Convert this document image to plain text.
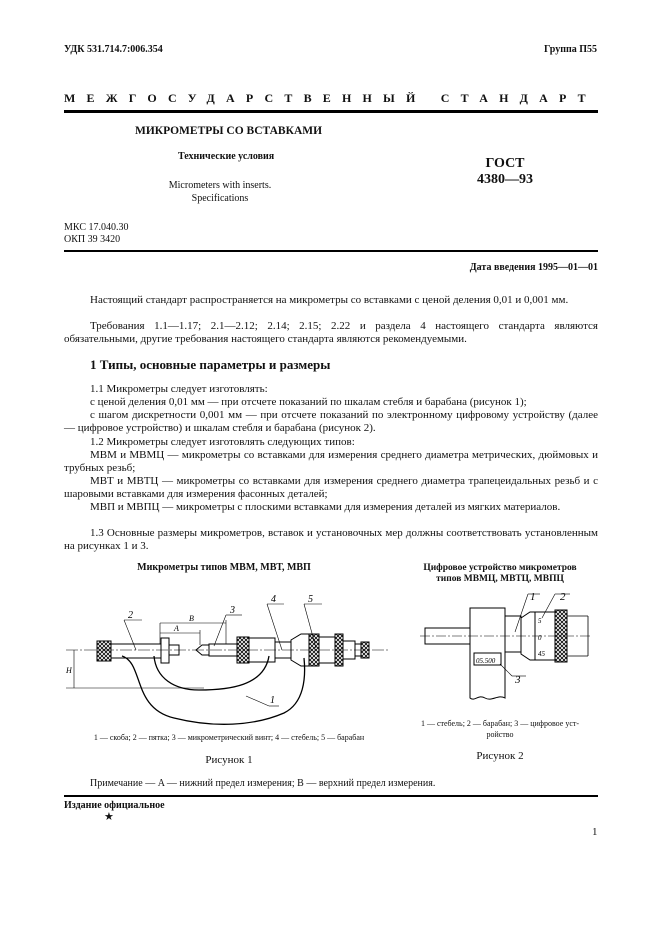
УДК 531.714.7:006.354	Группа П55
МЕЖГОСУДАРСТВЕННЫЙ СТАНДАРТ
МИКРОМЕТРЫ СО ВСТАВКАМИ
Технические условия
Micrometers with inserts.
Specifications
ГОСТ
4380—93
МКС 17.040.30
ОКП 39 3420
Дата введения 1995—01—01
Настоящий стандарт распространяется на микрометры со вставками с ценой деления 0,01 и 0,001 мм.
Требования 1.1—1.17; 2.1—2.12; 2.14; 2.15; 2.22 и раздела 4 настоящего стандарта являются обязательными, другие требования настоящего стандарта являются рекомендуемыми.
1 Типы, основные параметры и размеры
1.1 Микрометры следует изготовлять:
с ценой деления 0,01 мм — при отсчете показаний по шкалам стебля и барабана (рисунок 1);
с шагом дискретности 0,001 мм — при отсчете показаний по электронному цифровому устройству (далее — цифровое устройство) и шкалам стебля и барабана (рисунок 2).
1.2 Микрометры следует изготовлять следующих типов:
МВМ и МВМЦ — микрометры со вставками для измерения среднего диаметра метрических, дюймовых и трубных резьб;
МВТ и МВТЦ — микрометры со вставками для измерения среднего диаметра трапецеидальных резьб и с шаровыми вставками для измерения фасонных деталей;
МВП и МВПЦ — микрометры с плоскими вставками для измерения деталей из мягких материалов.
1.3 Основные размеры микрометров, вставок и установочных мер должны соответствовать установленным на рисунках 1 и 3.
Микрометры типов МВМ, МВТ, МВП
2	3
4	5
1
B
A
H
1 — скоба; 2 — пятка; 3 — микрометрический винт; 4 — стебель; 5 — барабан
Рисунок 1
Цифровое устройство микрометров
типов МВМЦ, МВТЦ, МВПЦ
1 2
3
5
0
45
05.500
1 — стебель; 2 — барабан; 3 — цифровое уст-
ройство
Рисунок 2
Примечание — A — нижний предел измерения; B — верхний предел измерения.
Издание официальное
★
1
